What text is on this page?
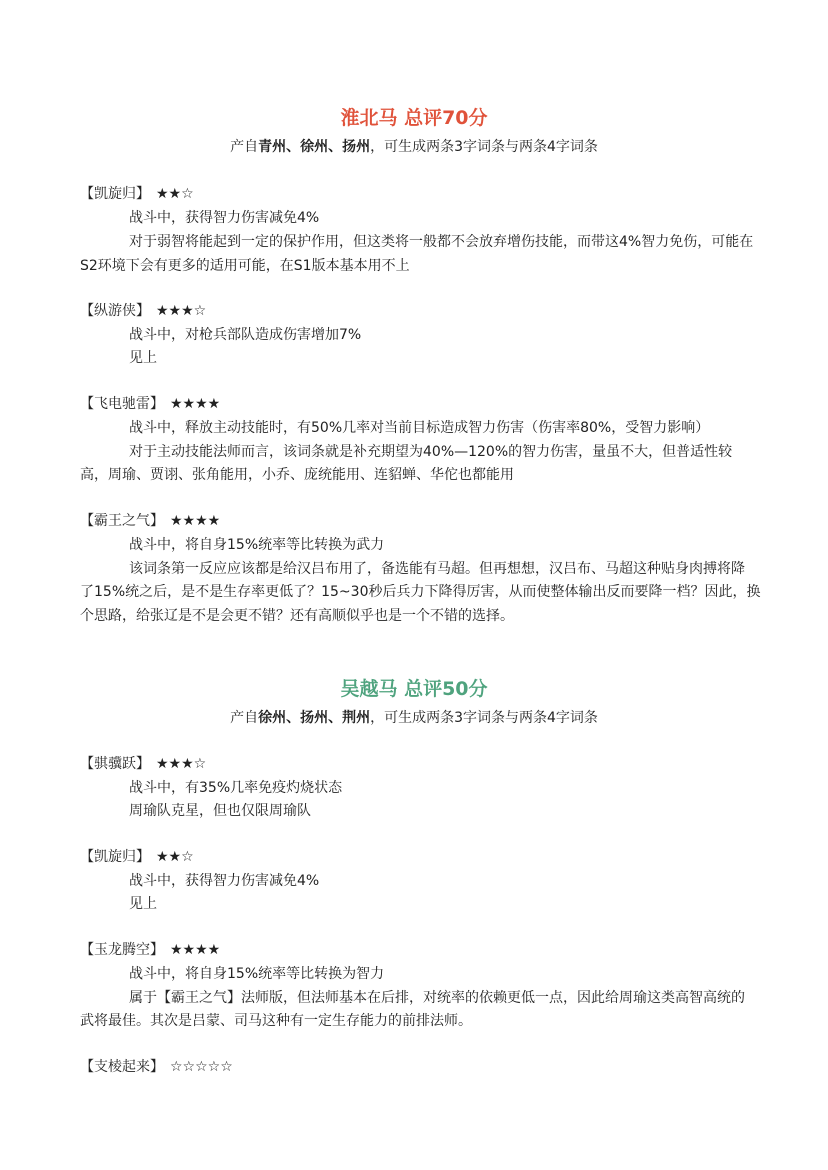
淮北马 总评70分

产自青州、徐州、扬州，可生成两条3字词条与两条4字词条

【凯旋归】 ★★☆

战斗中，获得智力伤害减免4%

对于弱智将能起到一定的保护作用，但这类将一般都不会放弃增伤技能，而带这4%智力免伤，可能在

S2环境下会有更多的适用可能，在S1版本基本用不上

【纵游侠】 ★★★☆

战斗中，对枪兵部队造成伤害增加7%

见上

【飞电驰雷】 ★★★★

战斗中，释放主动技能时，有50%几率对当前目标造成智力伤害（伤害率80%，受智力影响）

对于主动技能法师而言，该词条就是补充期望为40%—120%的智力伤害，量虽不大，但普适性较

高，周瑜、贾诩、张角能用，小乔、庞统能用、连貂蝉、华佗也都能用

【霸王之气】 ★★★★

战斗中，将自身15%统率等比转换为武力

该词条第一反应应该都是给汉吕布用了，备选能有马超。但再想想，汉吕布、马超这种贴身肉搏将降

了15%统之后，是不是生存率更低了？15~30秒后兵力下降得厉害，从而使整体输出反而要降一档？因此，换

个思路，给张辽是不是会更不错？还有高顺似乎也是一个不错的选择。

吴越马 总评50分

产自徐州、扬州、荆州，可生成两条3字词条与两条4字词条

【骐骥跃】 ★★★☆

战斗中，有35%几率免疫灼烧状态

周瑜队克星，但也仅限周瑜队

【凯旋归】 ★★☆

战斗中，获得智力伤害减免4%

见上

【玉龙腾空】 ★★★★

战斗中，将自身15%统率等比转换为智力

属于【霸王之气】法师版，但法师基本在后排，对统率的依赖更低一点，因此给周瑜这类高智高统的

武将最佳。其次是吕蒙、司马这种有一定生存能力的前排法师。

【支棱起来】 ☆☆☆☆☆
